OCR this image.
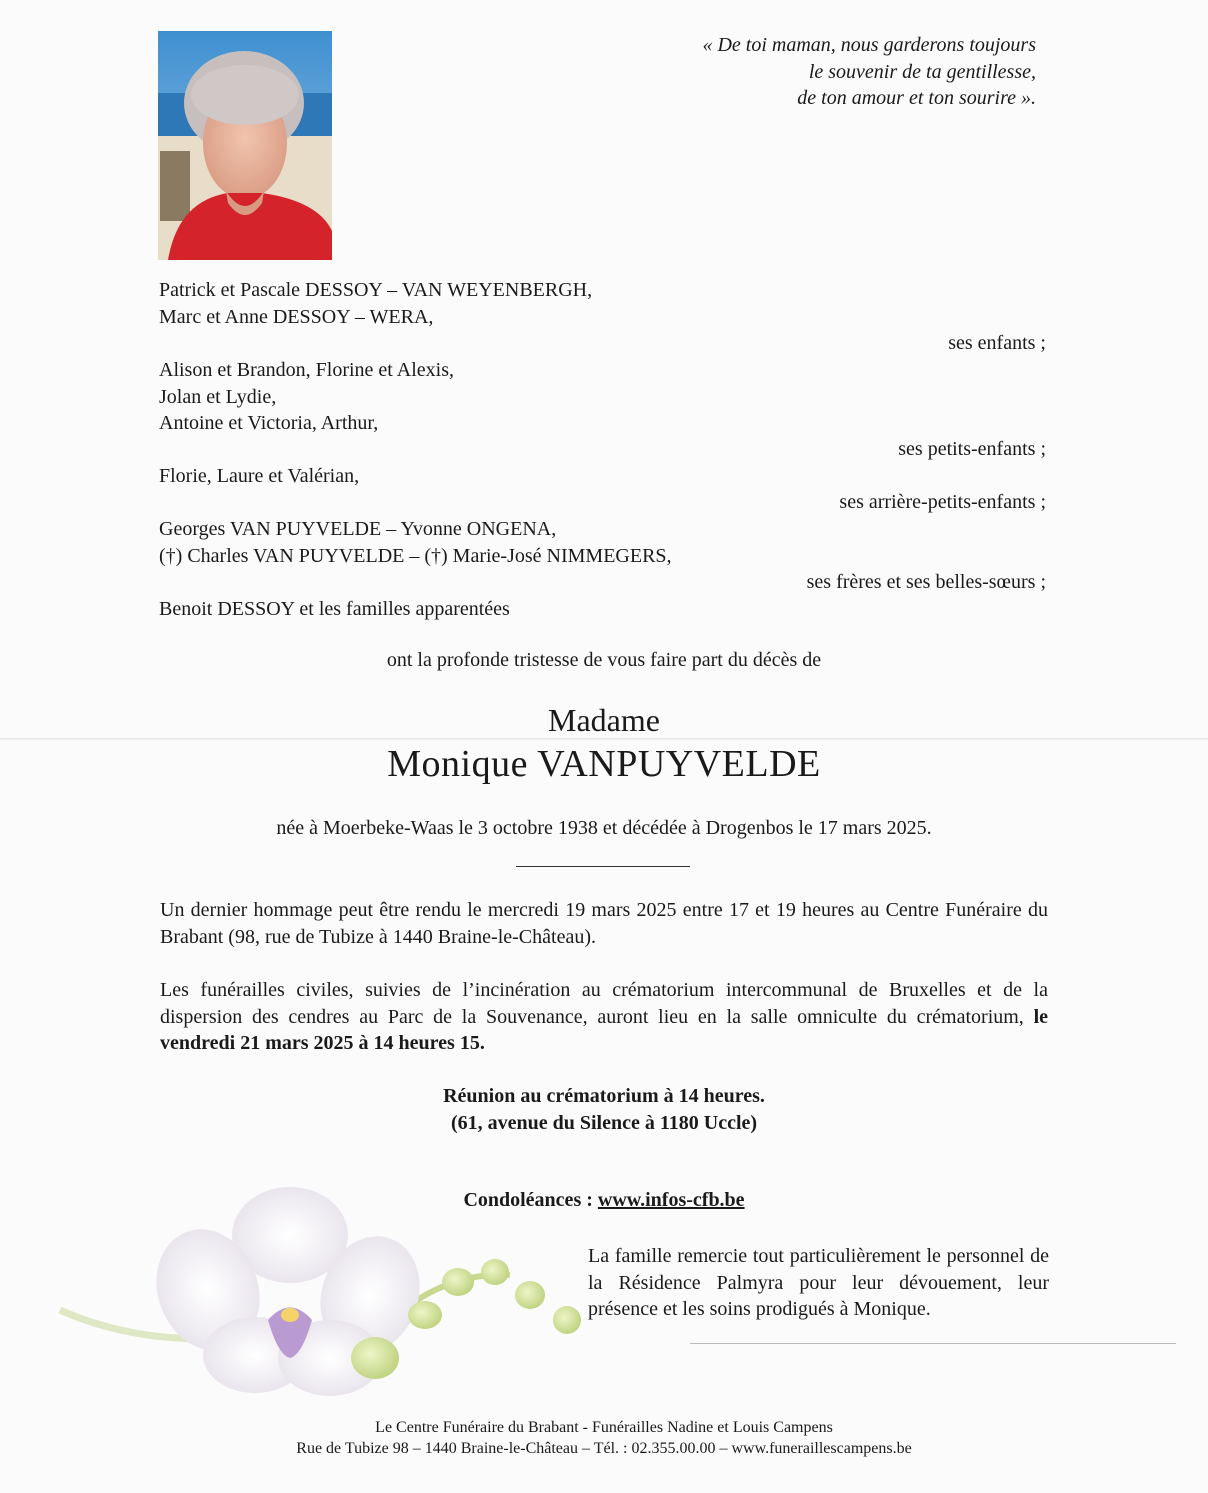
« De toi maman, nous garderons toujours
le souvenir de ta gentillesse,
de ton amour et ton sourire ».
Patrick et Pascale DESSOY – VAN WEYENBERGH,
Marc et Anne DESSOY – WERA,
ses enfants ;
Alison et Brandon, Florine et Alexis,
Jolan et Lydie,
Antoine et Victoria, Arthur,
ses petits-enfants ;
Florie, Laure et Valérian,
ses arrière-petits-enfants ;
Georges VAN PUYVELDE – Yvonne ONGENA,
(†) Charles VAN PUYVELDE – (†) Marie-José NIMMEGERS,
ses frères et ses belles-sœurs ;
Benoit DESSOY et les familles apparentées
ont la profonde tristesse de vous faire part du décès de
Madame
Monique VANPUYVELDE
née à Moerbeke-Waas le 3 octobre 1938 et décédée à Drogenbos le 17 mars 2025.
Un dernier hommage peut être rendu le mercredi 19 mars 2025 entre 17 et 19 heures au Centre Funéraire du Brabant (98, rue de Tubize à 1440 Braine-le-Château).
Les funérailles civiles, suivies de l’incinération au crématorium intercommunal de Bruxelles et de la dispersion des cendres au Parc de la Souvenance, auront lieu en la salle omniculte du crématorium, le vendredi 21 mars 2025 à 14 heures 15.
Réunion au crématorium à 14 heures.
(61, avenue du Silence à 1180 Uccle)
Condoléances : www.infos-cfb.be
La famille remercie tout particulièrement le personnel de la Résidence Palmyra pour leur dévouement, leur présence et les soins prodigués à Monique.
Le Centre Funéraire du Brabant - Funérailles Nadine et Louis Campens
Rue de Tubize 98 – 1440 Braine-le-Château – Tél. : 02.355.00.00 – www.funeraillescampens.be
